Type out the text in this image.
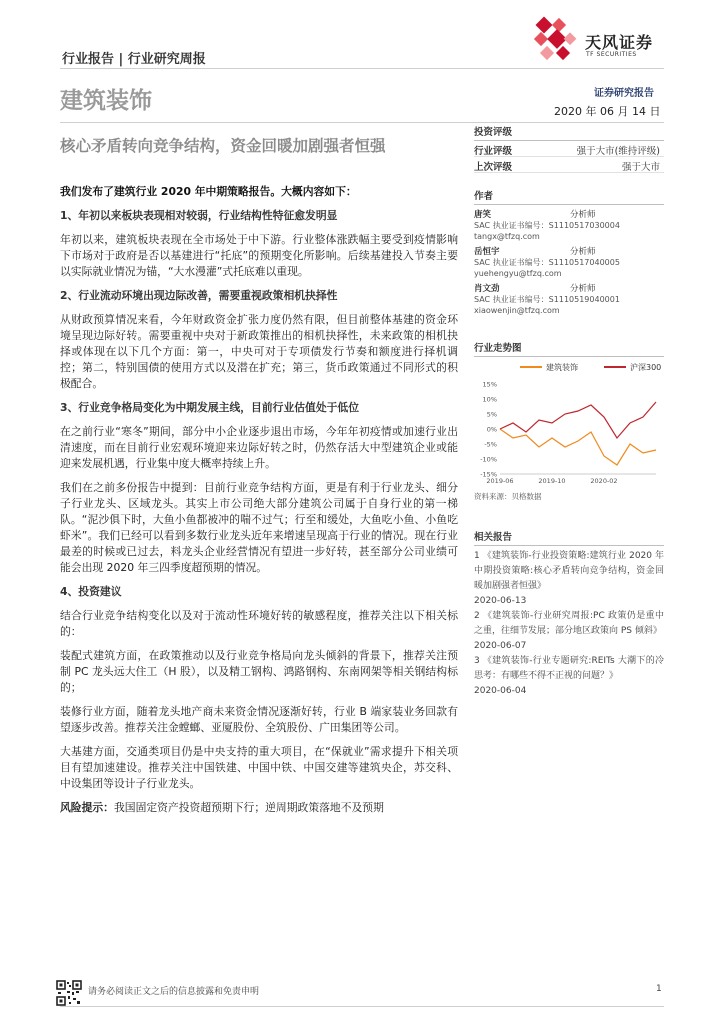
行业报告 | 行业研究周报
天风证券
TF SECURITIES
建筑装饰	证券研究报告
2020 年 06 月 14 日
核心矛盾转向竞争结构，资金回暖加剧强者恒强
我们发布了建筑行业 2020 年中期策略报告。大概内容如下：
1、年初以来板块表现相对较弱，行业结构性特征愈发明显
年初以来，建筑板块表现在全市场处于中下游。行业整体涨跌幅主要受到疫情影响下市场对于政府是否以基建进行“托底”的预期变化所影响。后续基建投入节奏主要以实际就业情况为锚，“大水漫灌”式托底难以重现。
2、行业流动环境出现边际改善，需要重视政策相机抉择性
从财政预算情况来看，今年财政资金扩张力度仍然有限，但目前整体基建的资金环境呈现边际好转。需要重视中央对于新政策推出的相机抉择性，未来政策的相机抉择或体现在以下几个方面：第一，中央可对于专项债发行节奏和额度进行择机调控；第二，特别国债的使用方式以及潜在扩充；第三，货币政策通过不同形式的积极配合。
3、行业竞争格局变化为中期发展主线，目前行业估值处于低位
在之前行业“寒冬”期间，部分中小企业逐步退出市场，今年年初疫情或加速行业出清速度，而在目前行业宏观环境迎来边际好转之时，仍然存活大中型建筑企业或能迎来发展机遇，行业集中度大概率持续上升。
我们在之前多份报告中提到：目前行业竞争结构方面，更是有利于行业龙头、细分子行业龙头、区域龙头。其实上市公司绝大部分建筑公司属于自身行业的第一梯队。“泥沙俱下时，大鱼小鱼都被冲的喘不过气；行至和缓处，大鱼吃小鱼、小鱼吃虾米”。我们已经可以看到多数行业龙头近年来增速呈现高于行业的情况。现在行业最差的时候或已过去，料龙头企业经营情况有望进一步好转，甚至部分公司业绩可能会出现 2020 年三四季度超预期的情况。
4、投资建议
结合行业竞争结构变化以及对于流动性环境好转的敏感程度，推荐关注以下相关标的：
装配式建筑方面，在政策推动以及行业竞争格局向龙头倾斜的背景下，推荐关注预制 PC 龙头远大住工（H 股），以及精工钢构、鸿路钢构、东南网架等相关钢结构标的；
装修行业方面，随着龙头地产商未来资金情况逐渐好转，行业 B 端家装业务回款有望逐步改善。推荐关注金螳螂、亚厦股份、全筑股份、广田集团等公司。
大基建方面，交通类项目仍是中央支持的重大项目，在“保就业”需求提升下相关项目有望加速建设。推荐关注中国铁建、中国中铁、中国交建等建筑央企，苏交科、中设集团等设计子行业龙头。
风险提示：我国固定资产投资超预期下行；逆周期政策落地不及预期
投资评级
行业评级	强于大市(维持评级)
上次评级	强于大市
作者
唐笑	分析师
SAC 执业证书编号：S1110517030004
tangx@tfzq.com
岳恒宇	分析师
SAC 执业证书编号：S1110517040005
yuehengyu@tfzq.com
肖文劲	分析师
SAC 执业证书编号：S1110519040001
xiaowenjin@tfzq.com
行业走势图
建筑装饰	沪深300
15%
10%
5%
0%
-5%
-10%
-15%
2019-06	2019-10	2020-02
资料来源：贝格数据
相关报告
1 《建筑装饰-行业投资策略:建筑行业 2020 年中期投资策略:核心矛盾转向竞争结构，资金回暖加剧强者恒强》
2020-06-13
2 《建筑装饰-行业研究周报:PC 政策仍是重中之重，往细节发展；部分地区政策向 PS 倾斜》
2020-06-07
3 《建筑装饰-行业专题研究:REITs 大潮下的冷思考：有哪些不得不正视的问题？》
2020-06-04
请务必阅读正文之后的信息披露和免责申明	1
